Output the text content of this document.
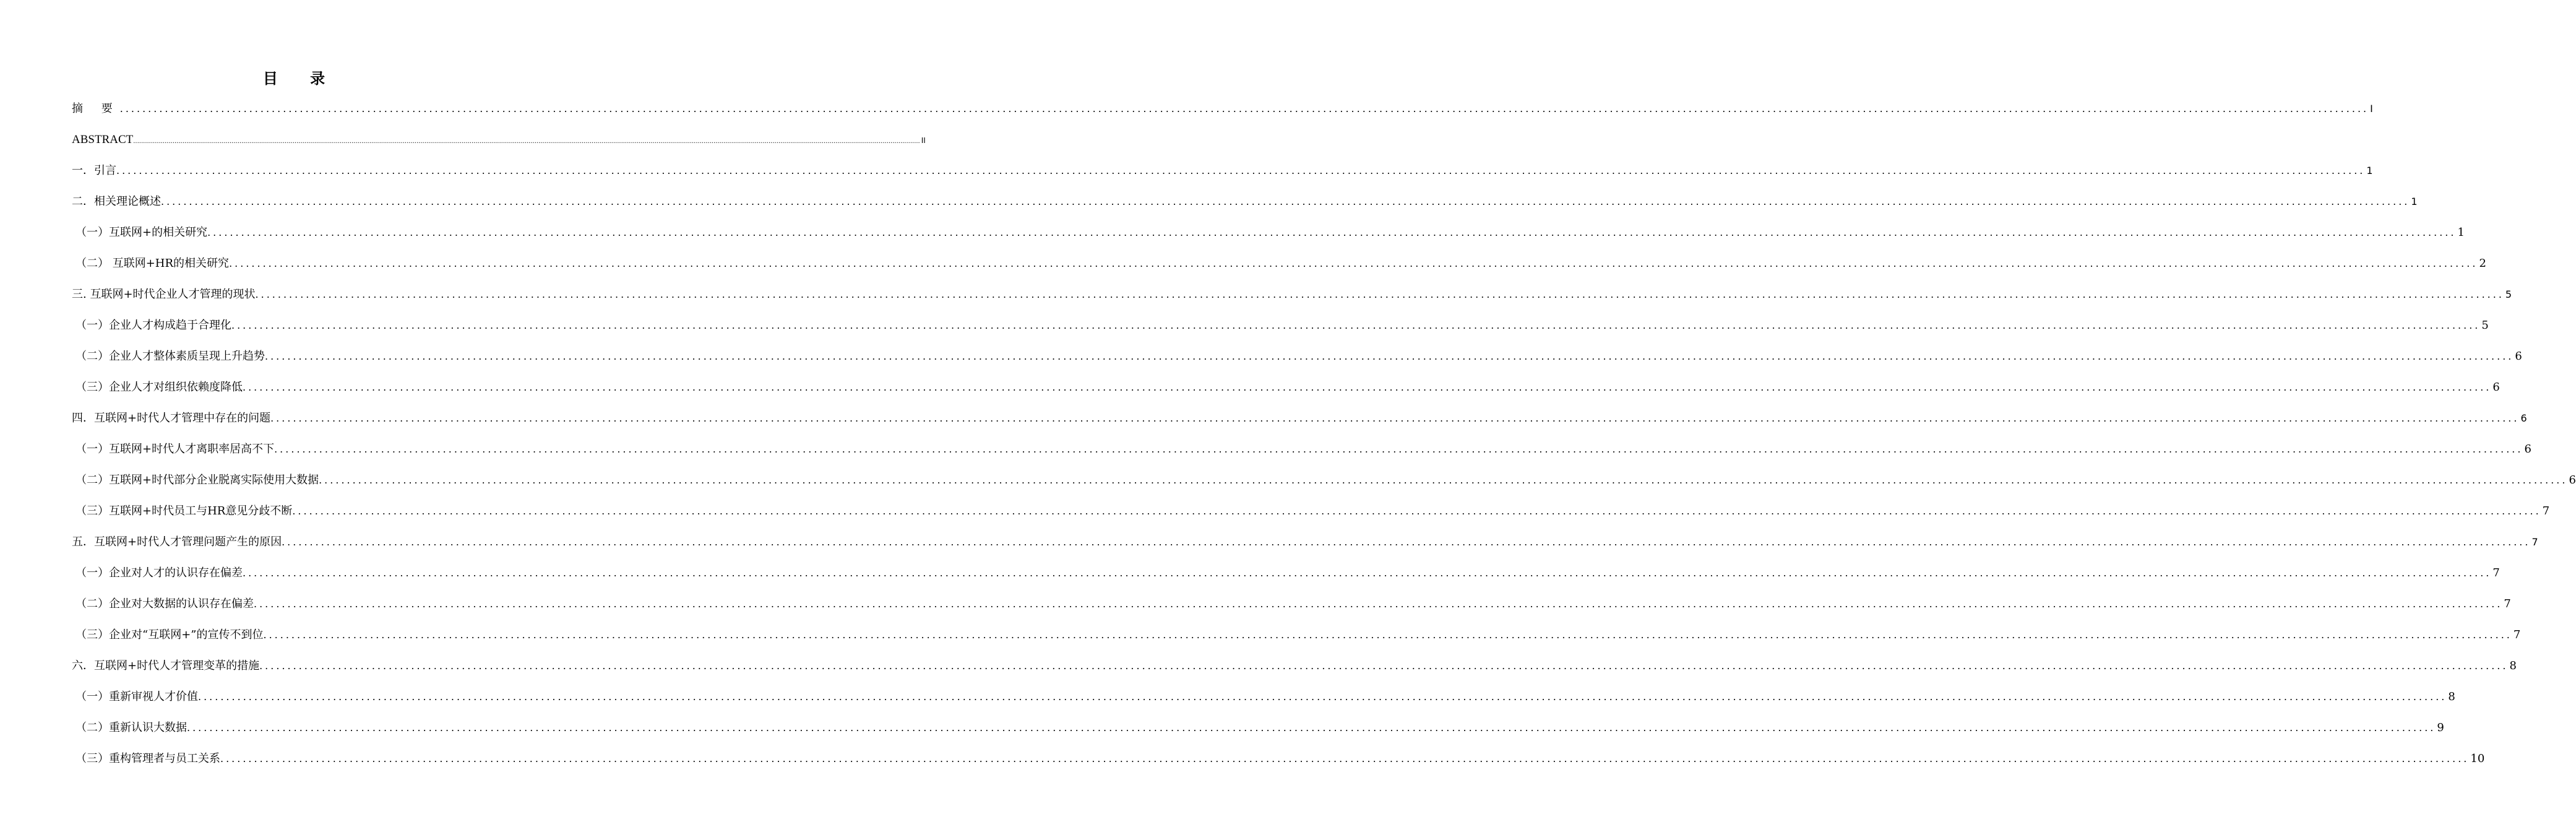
目 录
摘 要 ................................................................................................................................................................................................................................................................................................................................................................................................................ I
ABSTRACT ................................................................................................................................................................................................................................................................................................................................................................................................................ II
一．引言 ................................................................................................................................................................................................................................................................................................................................................................................................................ 1
二．相关理论概述 ................................................................................................................................................................................................................................................................................................................................................................................................................ 1
（一）互联网+的相关研究 ................................................................................................................................................................................................................................................................................................................................................................................................................ 1
（二） 互联网+HR的相关研究 ................................................................................................................................................................................................................................................................................................................................................................................................................ 2
三. 互联网+时代企业人才管理的现状 ................................................................................................................................................................................................................................................................................................................................................................................................................ 5
（一）企业人才构成趋于合理化 ................................................................................................................................................................................................................................................................................................................................................................................................................ 5
（二）企业人才整体素质呈现上升趋势 ................................................................................................................................................................................................................................................................................................................................................................................................................ 6
（三）企业人才对组织依赖度降低 ................................................................................................................................................................................................................................................................................................................................................................................................................ 6
四．互联网+时代人才管理中存在的问题 ................................................................................................................................................................................................................................................................................................................................................................................................................ 6
（一）互联网+时代人才离职率居高不下 ................................................................................................................................................................................................................................................................................................................................................................................................................ 6
（二）互联网+时代部分企业脱离实际使用大数据 ................................................................................................................................................................................................................................................................................................................................................................................................................ 6
（三）互联网+时代员工与HR意见分歧不断 ................................................................................................................................................................................................................................................................................................................................................................................................................ 7
五．互联网+时代人才管理问题产生的原因 ................................................................................................................................................................................................................................................................................................................................................................................................................ 7
（一）企业对人才的认识存在偏差 ................................................................................................................................................................................................................................................................................................................................................................................................................ 7
（二）企业对大数据的认识存在偏差 ................................................................................................................................................................................................................................................................................................................................................................................................................ 7
（三）企业对“互联网+”的宣传不到位 ................................................................................................................................................................................................................................................................................................................................................................................................................ 7
六．互联网+时代人才管理变革的措施 ................................................................................................................................................................................................................................................................................................................................................................................................................ 8
（一）重新审视人才价值 ................................................................................................................................................................................................................................................................................................................................................................................................................ 8
（二）重新认识大数据 ................................................................................................................................................................................................................................................................................................................................................................................................................ 9
（三）重构管理者与员工关系 ................................................................................................................................................................................................................................................................................................................................................................................................................ 10
